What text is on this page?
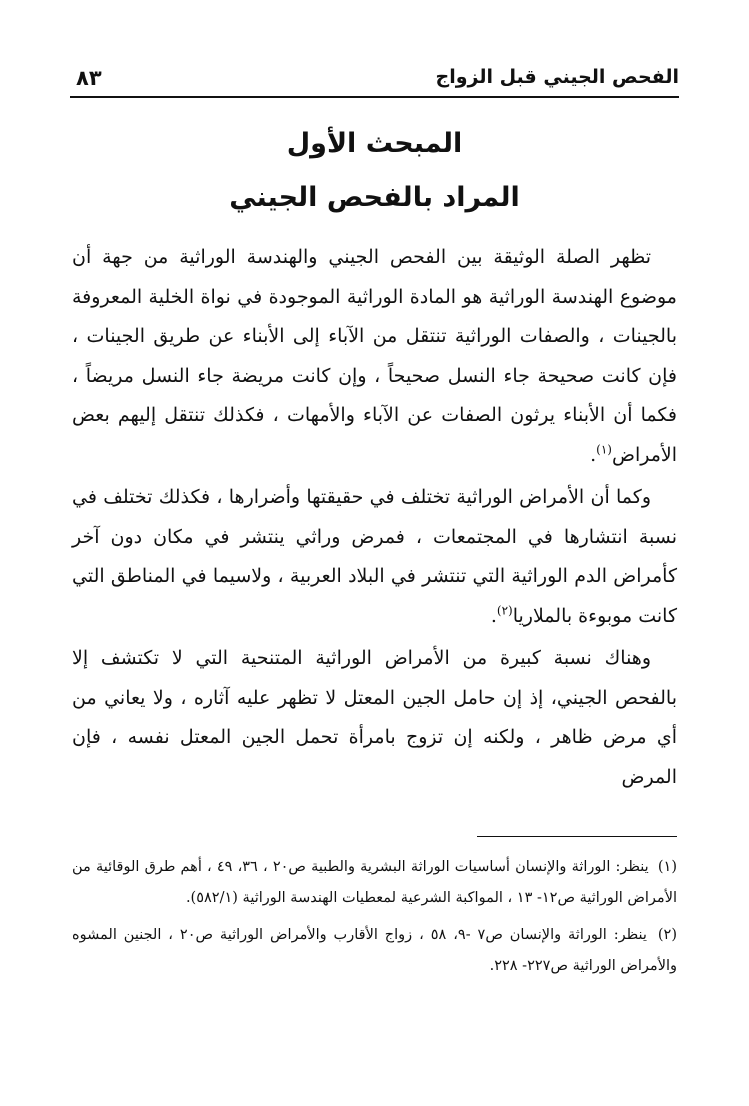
الفحص الجيني قبل الزواج
٨٣
المبحث الأول
المراد بالفحص الجيني

تظهر الصلة الوثيقة بين الفحص الجيني والهندسة الوراثية من جهة أن موضوع الهندسة الوراثية هو المادة الوراثية الموجودة في نواة الخلية المعروفة بالجينات ، والصفات الوراثية تنتقل من الآباء إلى الأبناء عن طريق الجينات ، فإن كانت صحيحة جاء النسل صحيحاً ، وإن كانت مريضة جاء النسل مريضاً ، فكما أن الأبناء يرثون الصفات عن الآباء والأمهات ، فكذلك تنتقل إليهم بعض الأمراض$^{(١)}$.

وكما أن الأمراض الوراثية تختلف في حقيقتها وأضرارها ، فكذلك تختلف في نسبة انتشارها في المجتمعات ، فمرض وراثي ينتشر في مكان دون آخر كأمراض الدم الوراثية التي تنتشر في البلاد العربية ، ولاسيما في المناطق التي كانت موبوءة بالملاريا$^{(٢)}$.

وهناك نسبة كبيرة من الأمراض الوراثية المتنحية التي لا تكتشف إلا بالفحص الجيني، إذ إن حامل الجين المعتل لا تظهر عليه آثاره ، ولا يعاني من أي مرض ظاهر ، ولكنه إن تزوج بامرأة تحمل الجين المعتل نفسه ، فإن المرض

(١) ينظر: الوراثة والإنسان أساسيات الوراثة البشرية والطبية ص٢٠ ، ٣٦، ٤٩ ، أهم طرق الوقائية من الأمراض الوراثية ص١٢- ١٣ ، المواكبة الشرعية لمعطيات الهندسة الوراثية (٥٨٢/١).

(٢) ينظر: الوراثة والإنسان ص٧ -٩، ٥٨ ، زواج الأقارب والأمراض الوراثية ص٢٠ ، الجنين المشوه والأمراض الوراثية ص٢٢٧- ٢٢٨.
